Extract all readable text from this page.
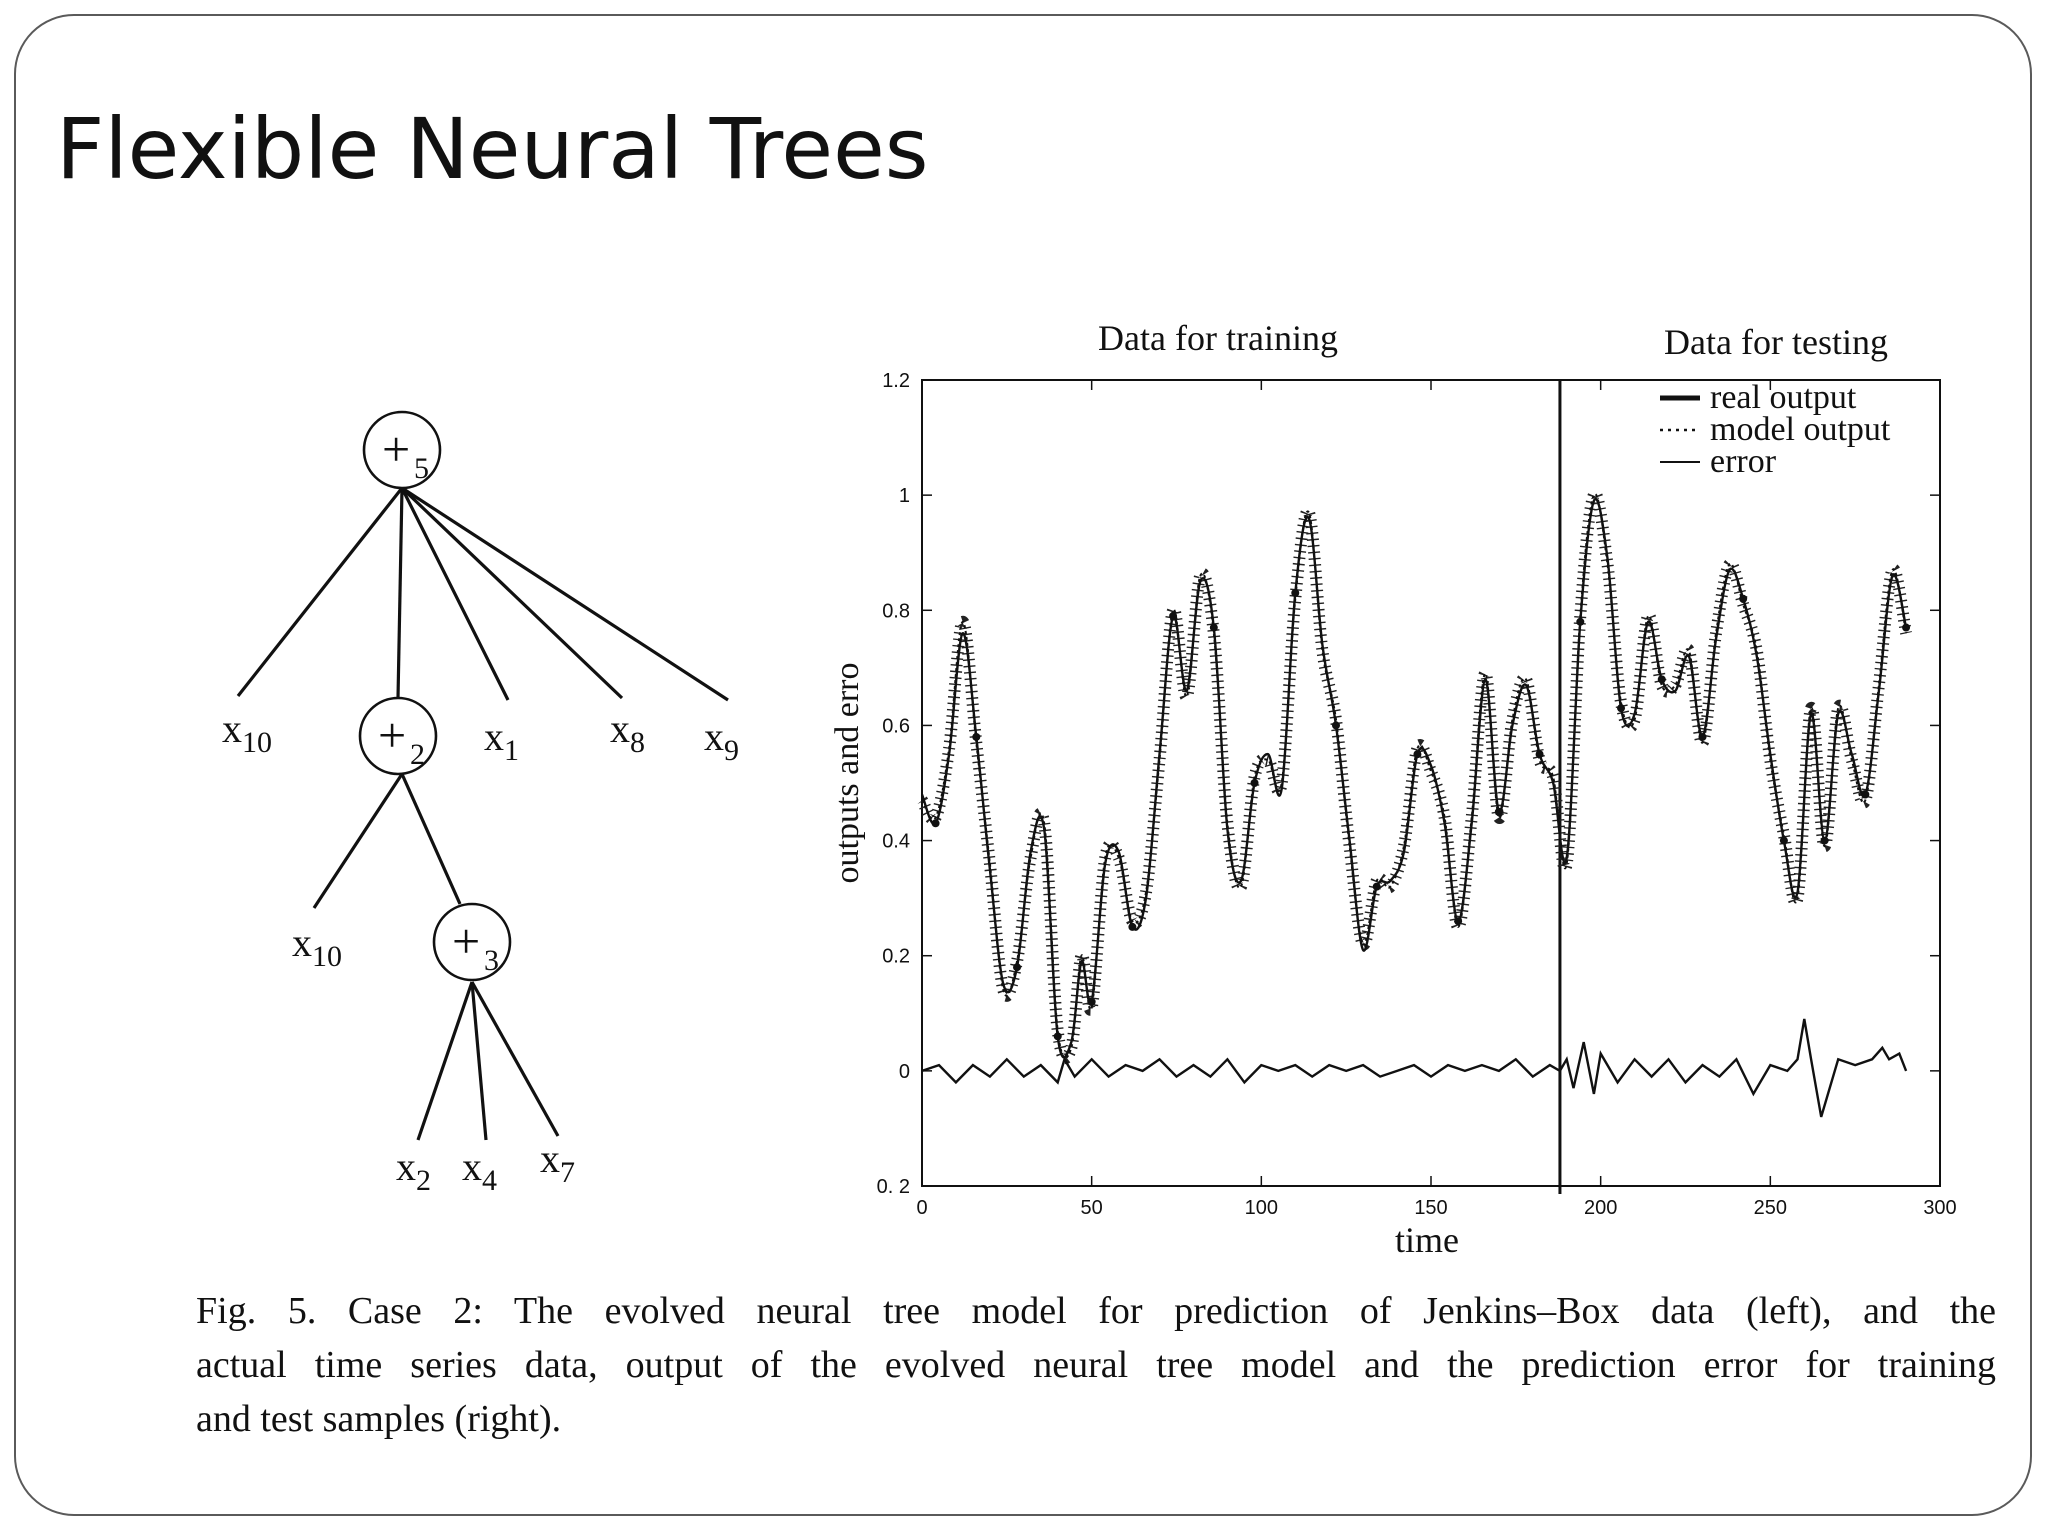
Flexible Neural Trees
+ 5
+ 2
+ 3
$x_{10}$	$x_1$ $x_8$ $x_9$
$x_{10}$
$x_2$ $x_4$ $x_7$
1.2
1
0.8
0.6
0.4
0.2
0
0. 2
0	50	100	150	200	250	300
time
outputs and erro
Data for training	Data for testing
real output
model output
error
Fig. 5. Case 2: The evolved neural tree model for prediction of Jenkins–Box data (left), and the
actual time series data, output of the evolved neural tree model and the prediction error for training
and test samples (right).
